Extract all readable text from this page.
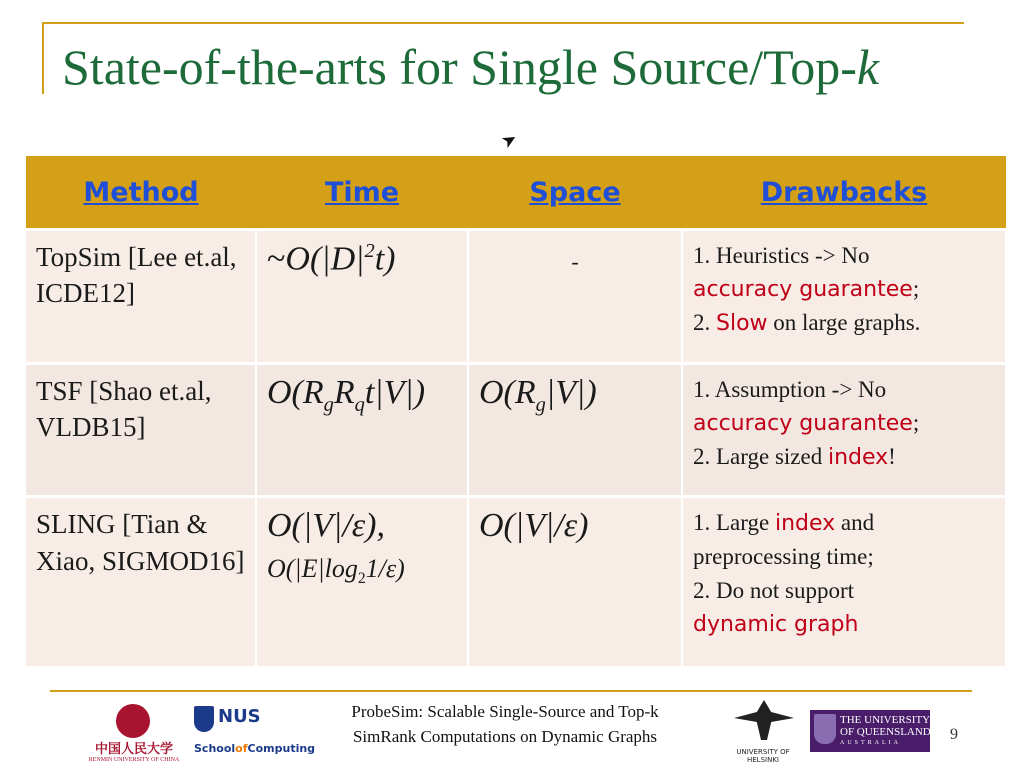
State-of-the-arts for Single Source/Top-k
➤
Method	Time	Space	Drawbacks
TopSim [Lee et.al, ICDE12]	$\sim O(|D|^2t)$	-	1. Heuristics -> No
accuracy guarantee;
2. Slow on large graphs.
TSF [Shao et.al, VLDB15]	$O(R_gR_qt|V|)$	$O(R_g|V|)$	1. Assumption -> No
accuracy guarantee;
2. Large sized index!
SLING [Tian & Xiao, SIGMOD16]	O(|V|/ε),
$O(|E|\log_21/\varepsilon)$	O(|V|/ε)	1. Large index and preprocessing time;
2. Do not support
dynamic graph
中国人民大学
RENMIN UNIVERSITY OF CHINA
NUS
SchoolofComputing
ProbeSim: Scalable Single-Source and Top-k
SimRank Computations on Dynamic Graphs
UNIVERSITY OF HELSINKI
THE UNIVERSITY
OF QUEENSLAND
AUSTRALIA	9
